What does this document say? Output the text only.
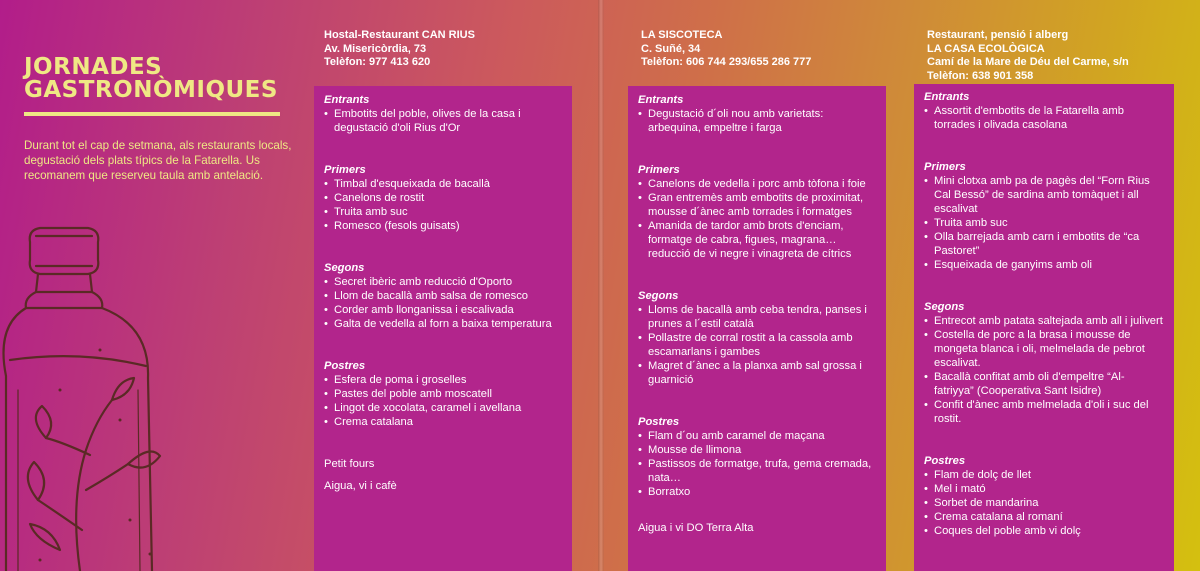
JORNADES
GASTRONÒMIQUES

Durant tot el cap de setmana, als restaurants locals, degustació dels plats típics de la Fatarella. Us recomanem que reserveu taula amb antelació.

Hostal-Restaurant CAN RIUS
Av. Misericòrdia, 73
Telèfon: 977 413 620

Entrants

• Embotits del poble, olives de la casa i degustació d'oli Rius d'Or

Primers

• Timbal d'esqueixada de bacallà
• Canelons de rostit
• Truita amb suc
• Romesco (fesols guisats)

Segons

• Secret ibèric amb reducció d'Oporto
• Llom de bacallà amb salsa de romesco
• Corder amb llonganissa i escalivada
• Galta de vedella al forn a baixa temperatura

Postres

• Esfera de poma i groselles
• Pastes del poble amb moscatell
• Lingot de xocolata, caramel i avellana
• Crema catalana

Petit fours

Aigua, vi i cafè

LA SISCOTECA
C. Suñé, 34
Telèfon: 606 744 293/655 286 777

Entrants

• Degustació d´oli nou amb varietats: arbequina, empeltre i farga

Primers

• Canelons de vedella i porc amb tòfona i foie
• Gran entremès amb embotits de proximitat, mousse d´ànec amb torrades i formatges
• Amanida de tardor amb brots d'enciam, formatge de cabra, figues, magrana… reducció de vi negre i vinagreta de cítrics

Segons

• Lloms de bacallà amb ceba tendra, panses i prunes a l´estil català
• Pollastre de corral rostit a la cassola amb escamarlans i gambes
• Magret d´ànec a la planxa amb sal grossa i guarnició

Postres

• Flam d´ou amb caramel de maçana
• Mousse de llimona
• Pastissos de formatge, trufa, gema cremada, nata…
• Borratxo

Aigua i vi DO Terra Alta

Restaurant, pensió i alberg
LA CASA ECOLÒGICA
Camí de la Mare de Déu del Carme, s/n
Telèfon: 638 901 358

Entrants

• Assortit d'embotits de la Fatarella amb torrades i olivada casolana

Primers

• Mini clotxa amb pa de pagès del “Forn Rius Cal Bessó” de sardina amb tomàquet i all escalivat
• Truita amb suc
• Olla barrejada amb carn i embotits de “ca Pastoret”
• Esqueixada de ganyims amb oli

Segons

• Entrecot amb patata saltejada amb all i julivert
• Costella de porc a la brasa i mousse de mongeta blanca i oli, melmelada de pebrot escalivat.
• Bacallà confitat amb oli d'empeltre “Al-fatriyya” (Cooperativa Sant Isidre)
• Confit d'ànec amb melmelada d'oli i suc del rostit.

Postres

• Flam de dolç de llet
• Mel i mató
• Sorbet de mandarina
• Crema catalana al romaní
• Coques del poble amb vi dolç
